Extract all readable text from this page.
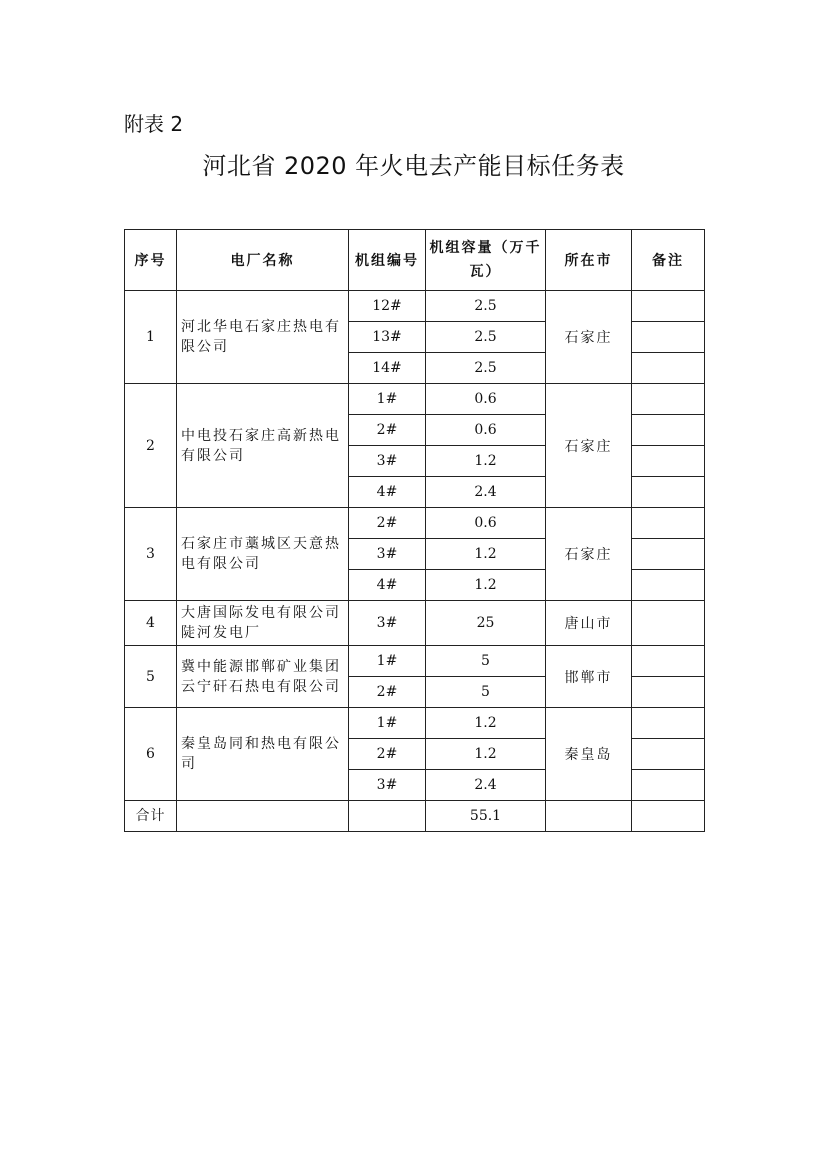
附表 2
河北省 2020 年火电去产能目标任务表
序号	电厂名称	机组编号	机组容量（万千瓦）	所在市	备注
1	河北华电石家庄热电有限公司	12#	2.5	石家庄	
		13#	2.5		
		14#	2.5		
2	中电投石家庄高新热电有限公司	1#	0.6	石家庄	
		2#	0.6		
		3#	1.2		
		4#	2.4		
3	石家庄市藁城区天意热电有限公司	2#	0.6	石家庄	
		3#	1.2		
		4#	1.2		
4	大唐国际发电有限公司陡河发电厂	3#	25	唐山市	
5	冀中能源邯郸矿业集团云宁矸石热电有限公司	1#	5	邯郸市	
		2#	5		
6	秦皇岛同和热电有限公司	1#	1.2	秦皇岛	
		2#	1.2		
		3#	2.4		
合计			55.1		
